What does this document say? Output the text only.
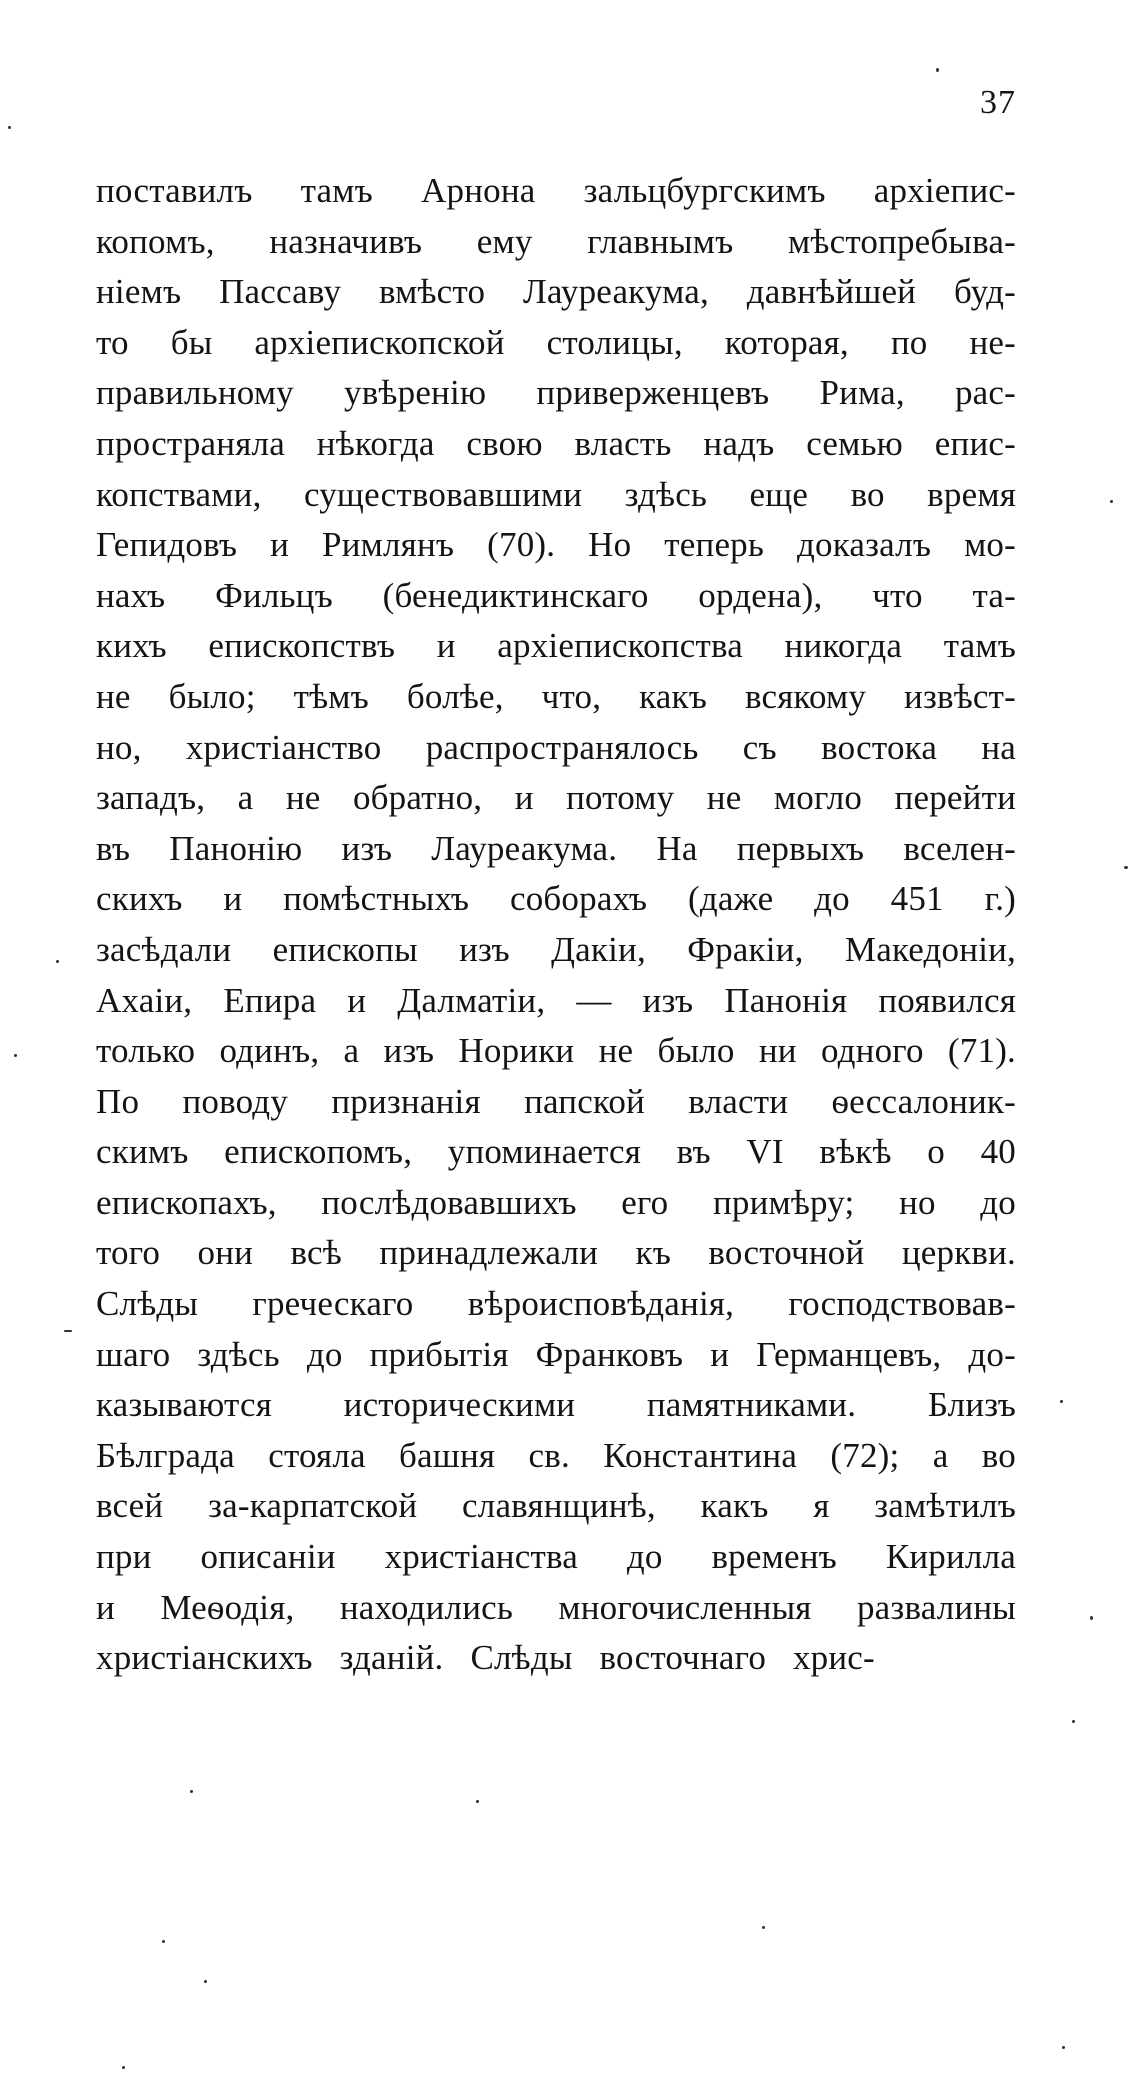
37
поставилъ тамъ Арнона зальцбургскимъ архіепис-
копомъ, назначивъ ему главнымъ мѣстопребыва-
ніемъ Пассаву вмѣсто Лауреакума, давнѣйшей буд-
то бы архіепископской столицы, которая, по не-
правильному увѣренію приверженцевъ Рима, рас-
пространяла нѣкогда свою власть надъ семью епис-
копствами, существовавшими здѣсь еще во время
Гепидовъ и Римлянъ (70). Но теперь доказалъ мо-
нахъ Фильцъ (бенедиктинскаго ордена), что та-
кихъ епископствъ и архіепископства никогда тамъ
не было; тѣмъ болѣе, что, какъ всякому извѣст-
но, христіанство распространялось съ востока на
западъ, а не обратно, и потому не могло перейти
въ Панонію изъ Лауреакума. На первыхъ вселен-
скихъ и помѣстныхъ соборахъ (даже до 451 г.)
засѣдали епископы изъ Дакіи, Фракіи, Македоніи,
Ахаіи, Епира и Далматіи, — изъ Панонія появился
только одинъ, а изъ Норики не было ни одного (71).
По поводу признанія папской власти ѳессалоник-
скимъ епископомъ, упоминается въ VI вѣкѣ о 40
епископахъ, послѣдовавшихъ его примѣру; но до
того они всѣ принадлежали къ восточной церкви.
Слѣды греческаго вѣроисповѣданія, господствовав-
шаго здѣсь до прибытія Франковъ и Германцевъ, до-
казываются историческими памятниками. Близъ
Бѣлграда стояла башня св. Константина (72); а во
всей за-карпатской славянщинѣ, какъ я замѣтилъ
при описаніи христіанства до временъ Кирилла
и Меѳодія, находились многочисленныя развалины
христіанскихъ зданій. Слѣды восточнаго хрис-
